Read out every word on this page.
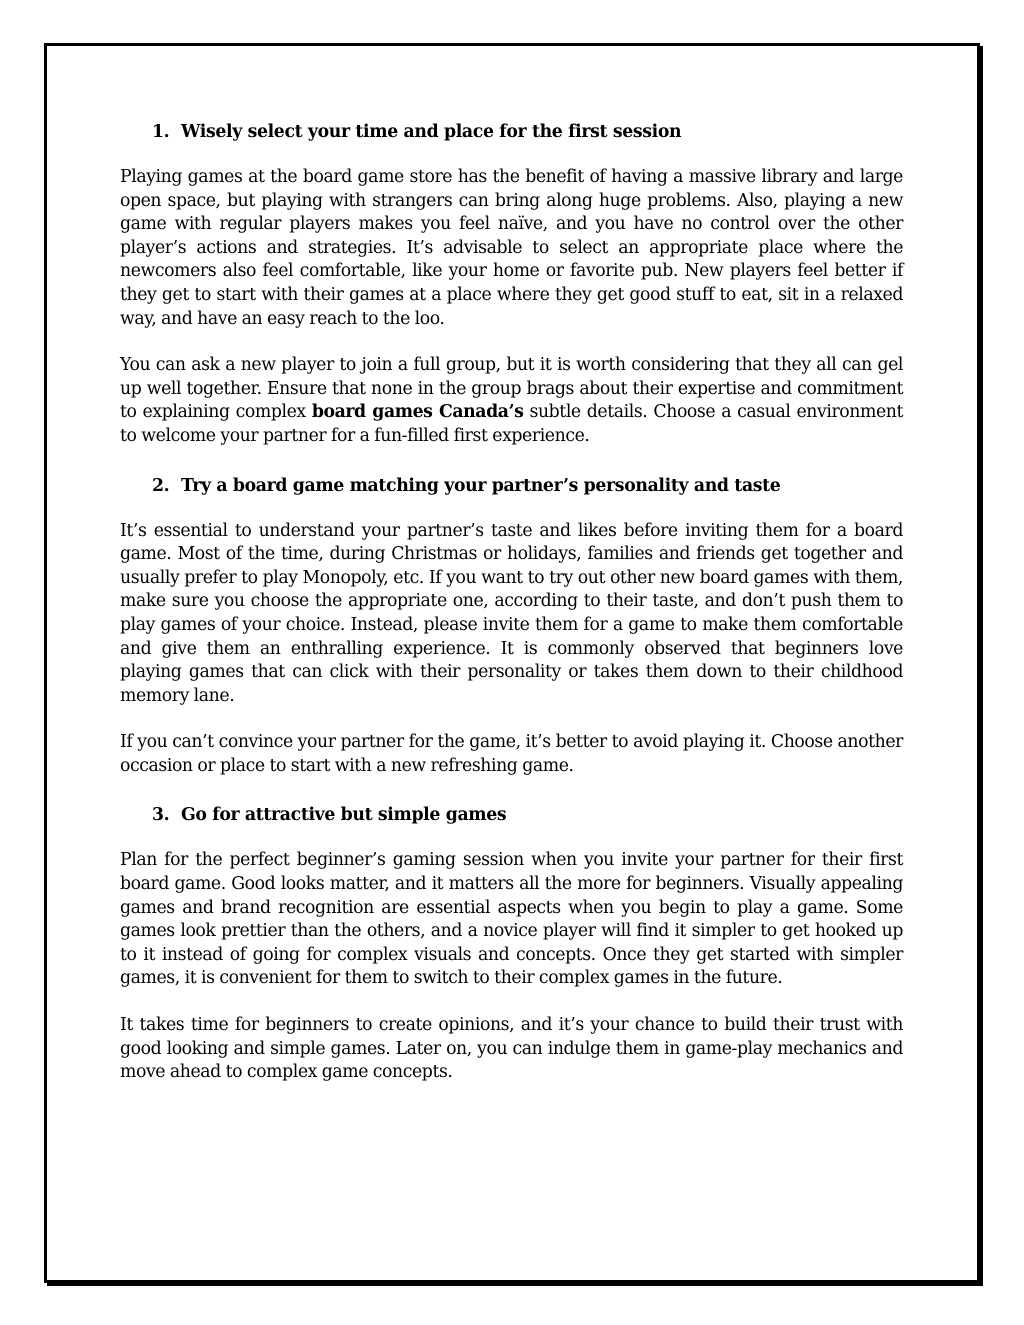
1. Wisely select your time and place for the first session

Playing games at the board game store has the benefit of having a massive library and large open space, but playing with strangers can bring along huge problems. Also, playing a new game with regular players makes you feel naïve, and you have no control over the other player’s actions and strategies. It’s advisable to select an appropriate place where the newcomers also feel comfortable, like your home or favorite pub. New players feel better if they get to start with their games at a place where they get good stuff to eat, sit in a relaxed way, and have an easy reach to the loo.

You can ask a new player to join a full group, but it is worth considering that they all can gel up well together. Ensure that none in the group brags about their expertise and commitment to explaining complex board games Canada’s subtle details. Choose a casual environment to welcome your partner for a fun-filled first experience.

2. Try a board game matching your partner’s personality and taste

It’s essential to understand your partner’s taste and likes before inviting them for a board game. Most of the time, during Christmas or holidays, families and friends get together and usually prefer to play Monopoly, etc. If you want to try out other new board games with them, make sure you choose the appropriate one, according to their taste, and don’t push them to play games of your choice. Instead, please invite them for a game to make them comfortable and give them an enthralling experience. It is commonly observed that beginners love playing games that can click with their personality or takes them down to their childhood memory lane.

If you can’t convince your partner for the game, it’s better to avoid playing it. Choose another occasion or place to start with a new refreshing game.

3. Go for attractive but simple games

Plan for the perfect beginner’s gaming session when you invite your partner for their first board game. Good looks matter, and it matters all the more for beginners. Visually appealing games and brand recognition are essential aspects when you begin to play a game. Some games look prettier than the others, and a novice player will find it simpler to get hooked up to it instead of going for complex visuals and concepts. Once they get started with simpler games, it is convenient for them to switch to their complex games in the future.

It takes time for beginners to create opinions, and it’s your chance to build their trust with good looking and simple games. Later on, you can indulge them in game-play mechanics and move ahead to complex game concepts.
